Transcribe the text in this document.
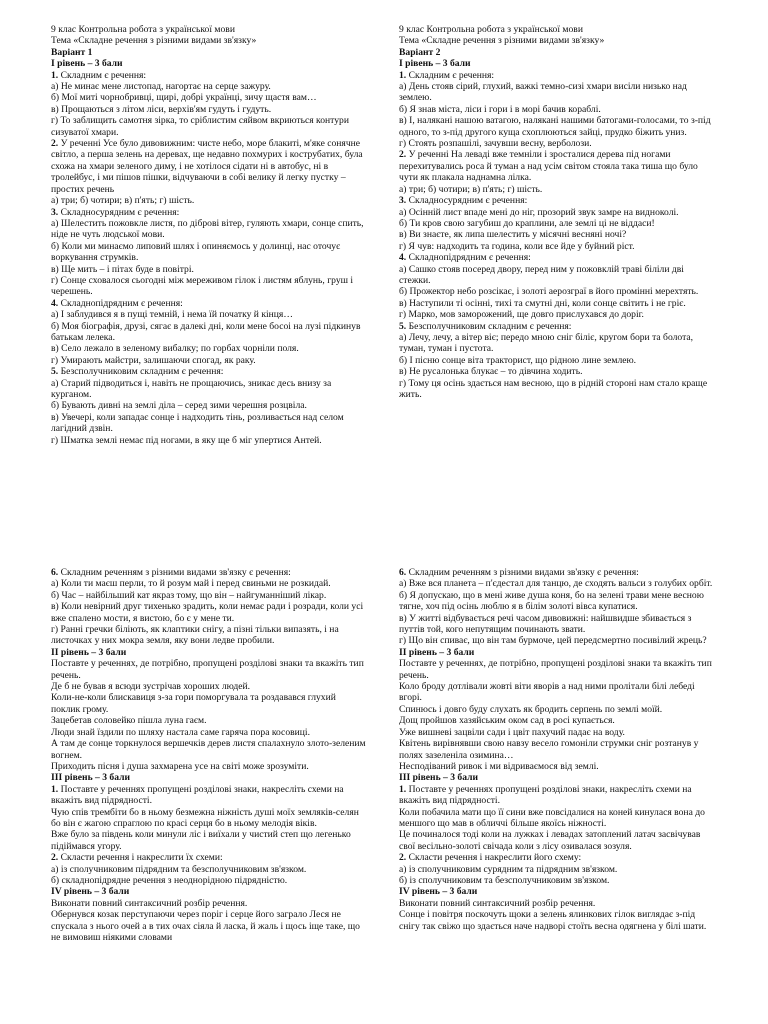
9 клас Контрольна робота з української мови

Тема «Складне речення з різними видами зв'язку»

Варіант 1

І рівень – 3 бали

1. Складним є речення:

а) Не минає мене листопад, нагортає на серце зажуру.

б) Мої миті чорнобривці, щирі, добрі українці, зичу щастя вам…

в) Прощаються з літом ліси, верхів'ям гудуть і гудуть.

г) То заблищить самотня зірка, то сріблистим сяйвом вкриються контури сизуватої хмари.

2. У реченні Усе було дивовижним: чисте небо, море блакиті, м'яке сонячне світло, а перша зелень на деревах, ще недавно похмурих і кострубатих, була схожа на хмари зеленого диму, і не хотілося сідати ні в автобус, ні в тролейбус, і ми пішов пішки, відчуваючи в собі велику й легку пустку – простих речень

а) три; б) чотири; в) п'ять; г) шість.

3. Складносурядним є речення:

а) Шелестить пожовкле листя, по діброві вітер, гуляють хмари, сонце спить, ніде не чуть людської мови.

б) Коли ми минаємо липовий шлях і опиняємось у долинці, нас оточує воркування струмків.

в) Ще мить – і пітах буде в повітрі.

г) Сонце сховалося сьогодні між мереживом гілок і листям яблунь, груш і черешень.

4. Складнопідрядним є речення:

а) І заблудився я в пущі темній, і нема їй початку й кінця…

б) Моя біографія, друзі, сягає в далекі дні, коли мене босоі на лузі підкинув батькам лелека.

в) Село лежало в зеленому вибалку; по горбах чорніли поля.

г) Умирають майстри, залишаючи спогад, як раку.

5. Безсполучниковим складним є речення:

а) Старий підводиться і, навіть не прощаючись, зникає десь внизу за курганом.

б) Бувають дивні на землі діла – серед зими черешня розцвіла.

в) Увечері, коли западає сонце і надходить тінь, розливається над селом лагідний дзвін.

г) Шматка землі немає під ногами, в яку ще б міг упертися Антей.

9 клас Контрольна робота з української мови

Тема «Складне речення з різними видами зв'язку»

Варіант 2

І рівень – 3 бали

1. Складним є речення:

а) День стояв сірий, глухий, важкі темно-сизі хмари висіли низько над землею.

б) Я знав міста, ліси і гори і в морі бачив кораблі.

в) І, наляканi нашою ватагою, налякані нашими батогами-голосами, то з-під одного, то з-під другого куща схоплюються зайці, прудко біжить униз.

г) Стоять розпашілі, зачувши весну, верболози.

2. У реченні На левадi вже темніли і зросталися дерева під ногами перехитувались роса й туман а над усім світом стояла така тиша що було чути як плакала наднамна лілка.

а) три; б) чотири; в) п'ять; г) шість.

3. Складносурядним є речення:

а) Осінній лист впаде мені до ніг, прозорий звук замре на видноколі.

б) Ти кров свою загубиш до краплини, але землі ці не віддаси!

в) Ви знаєте, як липа шелестить у місячні весняні ночі?

г) Я чув: надходить та година, коли все йде у буйний ріст.

4. Складнопідрядним є речення:

а) Сашко стояв посеред двору, перед ним у пожовклій траві біліли дві стежки.

б) Прожектор небо розсікає, і золоті аерозграї в його промінні мерехтять.

в) Наступили ті осінні, тихі та смутні дні, коли сонце світить і не гріє.

г) Марко, мов заморожений, ще довго прислухався до доріг.

5. Безсполучниковим складним є речення:

а) Лечу, лечу, а вітер віє; передо мною сніг біліє, кругом бори та болота, туман, туман і пустота.

б) І пісню сонце віта тракторист, що рідною лине землею.

в) Не русалонька блукає – то дівчина ходить.

г) Тому ця осінь здається нам весною, що в рідній стороні нам стало краще жить.

6. Складним реченням з різними видами зв'язку є речення:

а) Коли ти маєш перли, то й розум май і перед свиньми не розкидай.

б) Час – найбільший кат якраз тому, що він – найгуманніший лікар.

в) Коли невірний друг тихенько зрадить, коли немає ради і розради, коли усі вже спалено мости, я вистою, бо є у мене ти.

г) Ранні гречки біліють, як клаптики снігу, а пізні тільки випазять, і на листочках у них мокра земля, яку вони ледве пробили.

ІІ рівень – 3 бали

Поставте у реченнях, де потрібно, пропущені розділові знаки та вкажіть тип речень.

Де б не бував я всюди зустрічав хороших людей.

Коли-не-коли блискавиця з-за гори поморгувала та роздавався глухий поклик грому.

Зацебетав соловейко пішла луна гаєм.

Люди знай їздили по шляху настала саме гаряча пора косовиці.

А там де сонце торкнулося вершечків дерев листя спалахнуло злото-зеленим вогнем.

Приходить пісня і душа захмарена усе на світі може зрозуміти.

ІІІ рівень – 3 бали

1. Поставте у реченнях пропущені розділові знаки, накресліть схеми на вкажіть вид підрядності.

Чую спів трембіти бо в ньому безмежна ніжність душі моїх земляків-селян бо він є жагою спраглою по красі серця бо в ньому мелодія віків.

Вже було за південь коли минули ліс і виїхали у чистий степ що легенько підіймався угору.

2. Скласти речення і накреслити їх схеми:

а) із сполучниковим підрядним та безсполучниковим зв'язком.

б) складнопідрядне речення з неоднорідною підрядністю.

IV рівень – 3 бали

Виконати повний синтаксичний розбір речення.

Обернувся козак перступаючи через поріг і серце його заграло Леся не спускала з нього очей а в тих очах сіяла й ласка, й жаль і щось іще таке, що не вимовиш ніякими словами

6. Складним реченням з різними видами зв'язку є речення:

а) Вже вся планета – п'єдестал для танцю, де сходять вальси з голубих орбіт.

б) Я допускаю, що в мені живе душа коня, бо на зелені трави мене весною тягне, хоч під осінь люблю я в білім золоті вівса купатися.

в) У житті відбувається речі часом дивовижні: найшвидше збивається з путтів той, кого непутящим починають звати.

г) Що він спиває, що він там бурмоче, цей передсмертно посивілий жрець?

ІІ рівень – 3 бали

Поставте у реченнях, де потрібно, пропущені розділові знаки та вкажіть тип речень.

Коло броду дотлівали жовті віти яворів а над ними пролітали білі лебеді вгорі.

Спинюсь і довго буду слухать як бродить серпень по землі моїй.

Дощ пройшов хазяйським оком сад в росі купається.

Уже вишневі зацвіли сади і цвіт пахучий падає на воду.

Квітень вирівнявши свою навзу весело гомоніли струмки сніг розтанув у полях зазеленіла озимина…

Несподіваний ривок і ми відриваємося від землі.

ІІІ рівень – 3 бали

1. Поставте у реченнях пропущені розділові знаки, накресліть схеми на вкажіть вид підрядності.

Коли побачила мати що її сини вже повсідалися на коней кинулася вона до меншого що мав в обличчі більше якоїсь ніжності.

Це починалося тоді коли на лужках і левадах затоплений латач засвічував свої весільно-золоті свічада коли з лісу озивалася зозуля.

2. Скласти речення і накреслити його схему:

а) із сполучниковим сурядним та підрядним зв'язком.

б) із сполучниковим та безсполучниковим зв'язком.

IV рівень – 3 бали

Виконати повний синтаксичний розбір речення.

Сонце і повітря поскочуть щоки а зелень ялинкових гілок виглядає з-під снігу так свіжо що здається наче надворі стоїть весна одягнена у білі шати.
